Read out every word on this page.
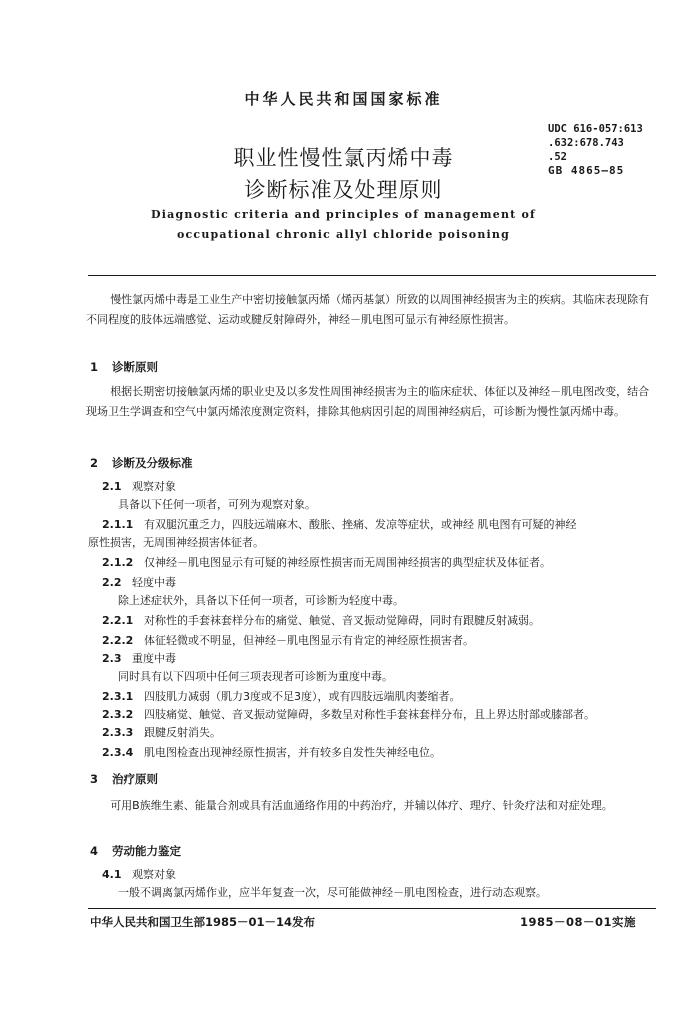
中华人民共和国国家标准
UDC 616-057:613
.632:678.743
.52
GB 4865—85
职业性慢性氯丙烯中毒
诊断标准及处理原则
Diagnostic criteria and principles of management of
occupational chronic allyl chloride poisoning
慢性氯丙烯中毒是工业生产中密切接触氯丙烯（烯丙基氯）所致的以周围神经损害为主的疾病。其临床表现除有不同程度的肢体远端感觉、运动或腱反射障碍外，神经－肌电图可显示有神经原性损害。
1 诊断原则
根据长期密切接触氯丙烯的职业史及以多发性周围神经损害为主的临床症状、体征以及神经－肌电图改变，结合现场卫生学调查和空气中氯丙烯浓度测定资料，排除其他病因引起的周围神经病后，可诊断为慢性氯丙烯中毒。
2 诊断及分级标准
2.1 观察对象
具备以下任何一项者，可列为观察对象。
2.1.1 有双腿沉重乏力，四肢远端麻木、酸胀、挫痛、发凉等症状，或神经 肌电图有可疑的神经
原性损害，无周围神经损害体征者。
2.1.2 仅神经－肌电图显示有可疑的神经原性损害而无周围神经损害的典型症状及体征者。
2.2 轻度中毒
除上述症状外，具备以下任何一项者，可诊断为轻度中毒。
2.2.1 对称性的手套袜套样分布的痛觉、触觉、音叉振动觉障碍，同时有跟腱反射减弱。
2.2.2 体征轻微或不明显，但神经－肌电图显示有肯定的神经原性损害者。
2.3 重度中毒
同时具有以下四项中任何三项表现者可诊断为重度中毒。
2.3.1 四肢肌力减弱（肌力3度或不足3度），或有四肢远端肌肉萎缩者。
2.3.2 四肢痛觉、触觉、音叉振动觉障碍，多数呈对称性手套袜套样分布，且上界达肘部或膝部者。
2.3.3 跟腱反射消失。
2.3.4 肌电图检查出现神经原性损害，并有较多自发性失神经电位。
3 治疗原则
可用B族维生素、能量合剂或具有活血通络作用的中药治疗，并辅以体疗、理疗、针灸疗法和对症处理。
4 劳动能力鉴定
4.1 观察对象
一般不调离氯丙烯作业，应半年复查一次，尽可能做神经－肌电图检查，进行动态观察。
中华人民共和国卫生部1985－01－14发布	1985－08－01实施
